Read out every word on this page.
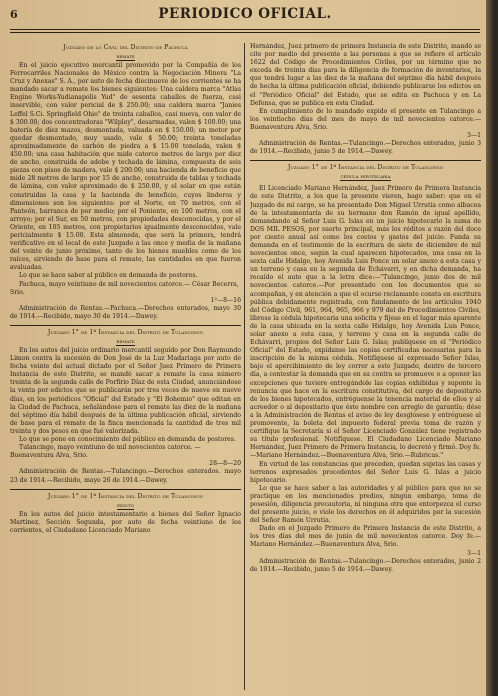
6	PERIODICO OFICIAL.
Juzgado de lo Civil del Distrito de Pachuca
remate

En el juicio ejecutivo mercantil promovido por la Compañía de los Ferrocarriles Nacionales de México contra la Negociación Minera "La Cruz y Anexas" S. A., por auto de fecha diecinueve de los corrientes se ha mandado sacar a remate los bienes siguientes: Una caldera marca "Atlas Engine Works-Yudianapolis Yud" de sesenta caballos de fuerza, casi inservible, con valor pericial de $ 250.00; una caldera marca "Janies Leffel S.Ci. Springfield Ohio" de treinta caballos, casi nueva, con valor de $ 300.00; dos concentradoras "Wilpley", desarmadas, valen $ 100.00; una batería de diez mazos, desmontada, valuada en $ 150.00; un motor por quedar desmontado, muy usado, vale $ 50.00; treinta toneladas aproximadamente de carbón de piedra a $ 15.00 tonelada, valen $ 450.00; una casa habitación que mide catorce metros de largo por diez de ancho, construída de adobe y techada de lámina, compuesta de seis piezas con pisos de madera, vale $ 200.00; una hacienda de beneficio que mide 28 metros de largo por 15 de ancho, construida de tablas y techada de lámina, con valor aproximado de $ 250.00, y el solar en que están construidas la casa y la hacienda de beneficio, cuyos linderos y dimensiones son los siguientes: por el Norte, en 70 metros, con el Panteón, barranca de por medio; por el Poniente, en 100 metros, con el arroyo; por el Sur, en 50 metros, con propiedades desconocidas, y por el Oriente, en 105 metros, con propietarios igualmente desconocidos, vale pericialmente $ 15.00. Esta almoneda, que será la primera, tendrá verificativo en el local de este Juzgado a las once y media de la mañana del veinte de junio próximo, tanto de los bienes muebles como de los raíces, sirviendo de base para el remate, las cantidades en que fueron avaluadas.

Lo que se hace saber al público en demanda de postores.

Pachuca, mayo veintiuno de mil novecientos catorce.— César Becerra, Srio.

1²—8—16

Administración de Rentas.—Pachuca.—Derechos enterados, mayo 30 de 1914.—Recibido, mayo 30 de 1914.—Dawey.

Juzgado 1° de 1ª Instancia del Distrito de Tulancingo
remate

En los autos del juicio ordinario mercantil seguido por Don Raymundo Limon contra la sucesión de Don José de la Luz Madariaga por auto de fecha veinte del actual dictado por el Señor Juez Primero de Primera Instancia de este Distrito, se mandó sacar a remate la casa número treinta de la segunda calle de Porfirio Díaz de esta Ciudad, anunciándose la venta por edictos que se publicarán por tres veces de nueve en nueve días, en los periódicos "Oficial" del Estado y "El Bohemio" que editan en la Ciudad de Pachuca, señalándose para el remate las diez de la mañana del séptimo día hábil después de la última publicación oficial, sirviendo de base para el remate de la finca mencionada la cantidad de tres mil treinta y dos pesos en que fué valorizada.

Lo que se pone en conocimiento del público en demanda de postores.

Tulancingo, mayo veintiuno de mil novecientos catorce. —Buenaventura Alva, Srio.

28—8—20

Administración de Rentas.—Tulancingo.—Derechos enterados. mayo 23 de 1914.—Recibido, mayo 26 de 1914.—Dawey.

Juzgado 1° de 1ª Instancia del Distrito de Tulancingo
edicto

En los autos del juicio intestamentario a bienes del Señor Ignacio Martínez, Sección Segunda, por auto de fecha veintiuno de los corrientes, el Ciudadano Licenciado Mariano

Hernández, Juez primero de primera Instancia de este Distrito, mandó se cite por medio del presente a las personas a que se refiere el artículo 1622 del Código de Procedimientos Civiles, por un término que no exceda de treinta días para la diligencia de formación de inventarios, la que tendrá lugar a las diez de la mañana del séptimo día hábil después de hecha la última publicación oficial, debiendo publicarse los edictos en el "Periódico Oficial" del Estado, que se edita en Pachuca y en La Defensa, que se publica en esta Ciudad.

En cumplimiento de lo mandado expido el presente en Tulancingo a los veintiocho días del mes de mayo de mil novecientos catorce.—Buenaventura Alva, Srio.

3—1

Administración de Rentas.—Tulancingo.—Derechos enterados, junio 3 de 1914.—Recibido, junio 5 de 1914.—Dawey.

Juzgado 1° de 1ª Instancia del Distrito de Tulancingo
cédula hipotecaria

El Licenciado Mariano Hernández, Juez Primero de Primera Instancia de este Distrito, a los que la presente vieren, hago saber: que en el Juzgado de mi cargo, se ha presentado Don Miguel Urrutia como albacea de la intestamentaría de su hermano don Ramón de igual apellido, demandando al Señor Luis G. Islas en un juicio hipotecario la suma de DOS MIL PESOS, por suerte principal, más los réditos a razón del doce por ciento anual así como los costos y gastos del juicio. Funda su demanda en el testimonio de la escritura de siete de diciembre de mil novecientos once, según la cual aparecen hipotecados, una casa en la sexta calle Hidalgo, hoy Avenida Luis Ponce un solar anexo a esta casa y un terreno y casa en la segunda de Echávarri, y en dicha demanda, ha recaído el auto que a la letra dice:—"Tulancingo, junio dos de mil novecientos catorce.—Por presentado con los documentos que se acompañan, y en atención a que el ocurso reclamante consta en escritura pública debidamente registrada, con fundamento de los artículos 1940 del Código Civil, 961, 964, 965, 966 y 979 del de Procedimientos Civiles, líbrese la cédula hipotecaria una solicita y fíjese en el lugar más aparente de la casa ubicada en la sexta calle Hidalgo, hoy Avenida Luis Ponce, solar anexo a esta casa, y terreno y casa en la segunda calle de Echávarri, propios del Señor Luis G. Islas; publíquese en el "Periódico Oficial" del Estado, expídanse las copias certificadas necesarias para la inscripción de la misma cédula. Notifíquese al expresado Señor Islas, bajo el apercibimiento de ley correr a este Juzgado, dentro de tercero día, a contestar la demanda que en su contra se promueve o a oponer las excepciones que tuviere entregándole las copias exhibidas y suponte la renuncia que hace en la escritura constitutiva, del cargo de depositario de los bienes hipotecados, entréguense la tenencia material de ellos y al acreedor o al depositario que éste nombre con arreglo de garantía; dése a la Administración de Rentas el aviso de ley desglósese y entréguese al promovente, la boleta del impuesto federal previa toma de razón y certifique la Secretaría si el Señor Licenciado González tiene registrado su título profesional. Notifíquese. El Ciudadano Licenciado Mariano Hernández, Juez Primero de Primera Instancia, lo decretó y firmó. Doy fe.—Mariano Hernández.—Buenaventura Alva, Srio.—Rubricas."

En virtud de las constancias que preceden, quedan sujetas las casas y terrenos expresados procedentes del Señor Luis G. Islas a juicio hipotecario.

Lo que se hace saber a las autoridades y al público para que no se practique en los mencionados predios, ningún embargo, toma de posesión, diligencia precautoria, ni ninguna otra que entorpezca el curso del presente juicio, o viole los derechos en él adquiridos por la sucesión del Señor Ramón Urrutia.

Dado en el Juzgado Primero de Primera Instancia de este Distrito, a los tres días del mes de junio de mil novecientos catorce. Doy fe.—Mariano Hernández.—Buenaventura Alva, Srio.

3—1

Administración de Rentas.—Tulancingo.—Derechos enterados, junio 2 de 1914.—Recibido, junio 5 de 1914.—Dawey.
